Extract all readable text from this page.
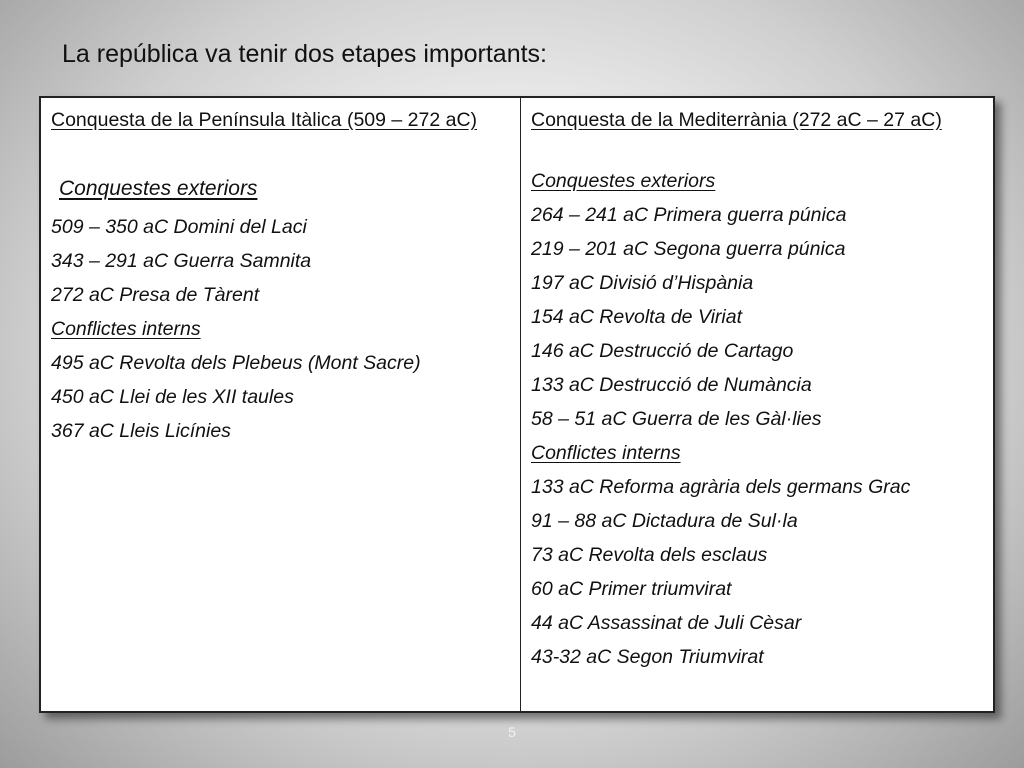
La república va tenir dos etapes importants:
Conquesta de la Península Itàlica (509 – 272 aC)
Conquestes exteriors
509 – 350 aC Domini del Laci
343 – 291 aC Guerra Samnita
272 aC Presa de Tàrent
Conflictes interns
495 aC Revolta dels Plebeus (Mont Sacre)
450 aC Llei de les XII taules
367 aC Lleis Licínies
Conquesta de la Mediterrània (272 aC – 27 aC)
Conquestes exteriors
264 – 241 aC Primera guerra púnica
219 – 201 aC Segona guerra púnica
197 aC Divisió d’Hispània
154 aC Revolta de Viriat
146 aC Destrucció de Cartago
133 aC Destrucció de Numància
58 – 51 aC Guerra de les Gàl·lies
Conflictes interns
133 aC Reforma agrària dels germans Grac
91 – 88 aC Dictadura de Sul·la
73 aC Revolta dels esclaus
60 aC Primer triumvirat
44 aC Assassinat de Juli Cèsar
43-32 aC Segon Triumvirat
5
